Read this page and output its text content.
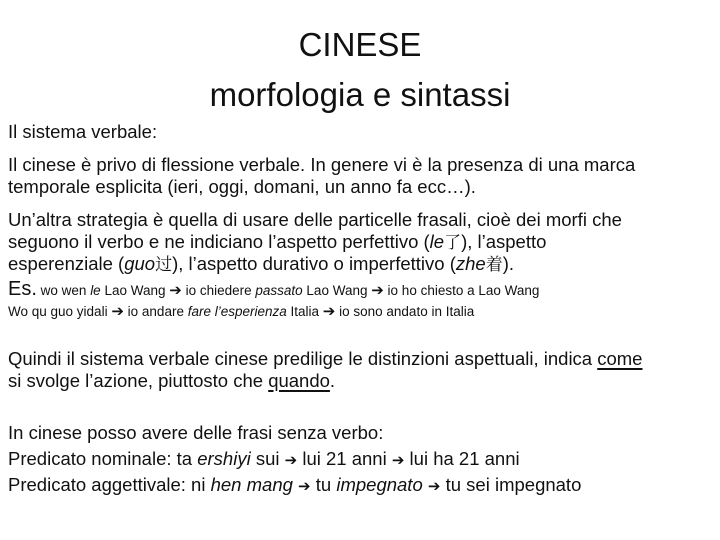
CINESE
morfologia e sintassi
Il sistema verbale:
Il cinese è privo di flessione verbale. In genere vi è la presenza di una marca
temporale esplicita (ieri, oggi, domani, un anno fa ecc…).
Un’altra strategia è quella di usare delle particelle frasali, cioè dei morfi che
seguono il verbo e ne indiciano l’aspetto perfettivo (le了), l’aspetto
esperenziale (guo过), l’aspetto durativo o imperfettivo (zhe着).
Es. wo wen le Lao Wang ➔ io chiedere passato Lao Wang ➔ io ho chiesto a Lao Wang
Wo qu guo yidali ➔ io andare fare l’esperienza Italia ➔ io sono andato in Italia
Quindi il sistema verbale cinese predilige le distinzioni aspettuali, indica come
si svolge l’azione, piuttosto che quando.
In cinese posso avere delle frasi senza verbo:
Predicato nominale: ta ershiyi sui ➔ lui 21 anni ➔ lui ha 21 anni
Predicato aggettivale: ni hen mang ➔ tu impegnato ➔ tu sei impegnato
